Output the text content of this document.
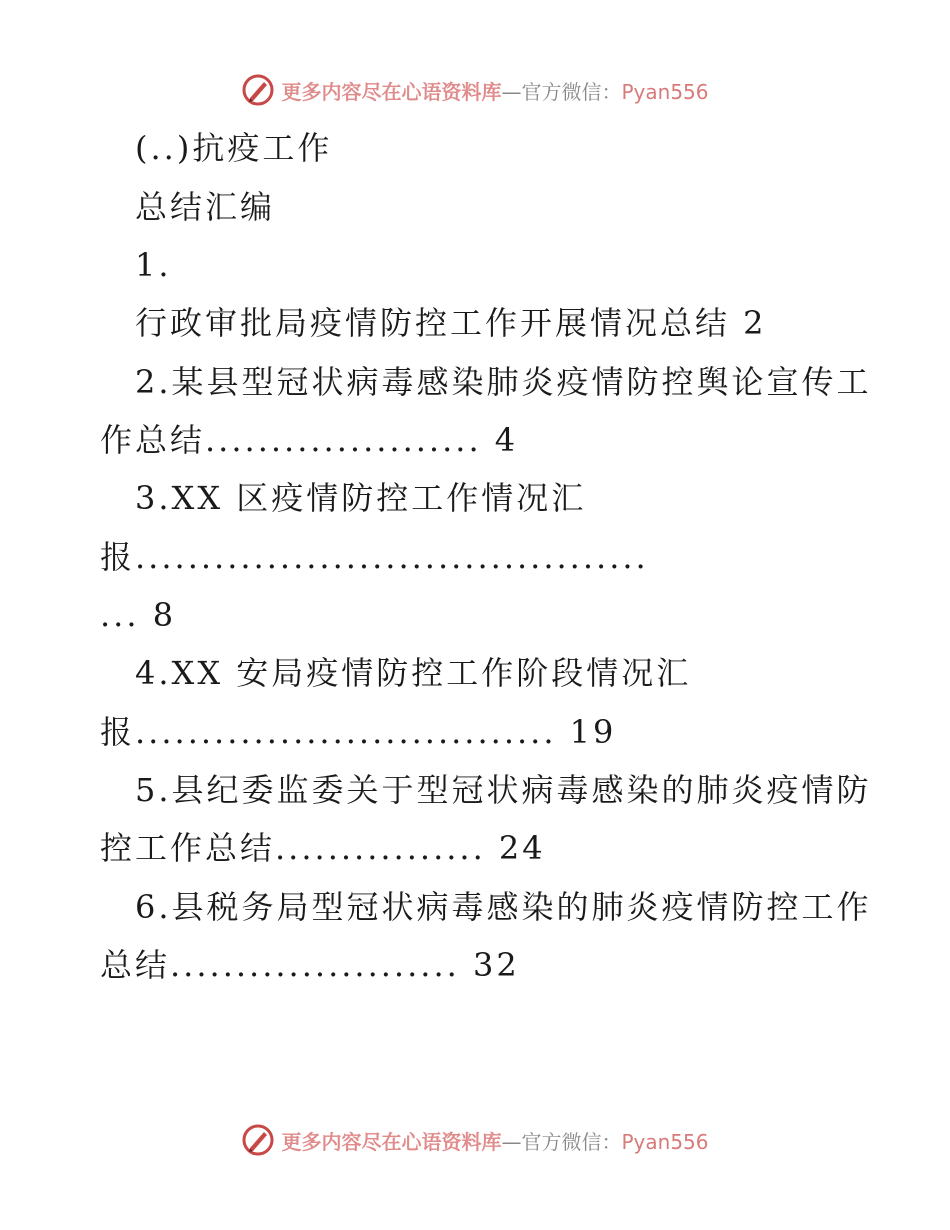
更多内容尽在心语资料库—官方微信：Pyan556
(..)抗疫工作
总结汇编
1.
行政审批局疫情防控工作开展情况总结 2
2.某县型冠状病毒感染肺炎疫情防控舆论宣传工
作总结..................... 4
3.XX 区疫情防控工作情况汇
报.......................................
... 8
4.XX 安局疫情防控工作阶段情况汇
报................................ 19
5.县纪委监委关于型冠状病毒感染的肺炎疫情防
控工作总结................ 24
6.县税务局型冠状病毒感染的肺炎疫情防控工作
总结...................... 32
更多内容尽在心语资料库—官方微信：Pyan556
